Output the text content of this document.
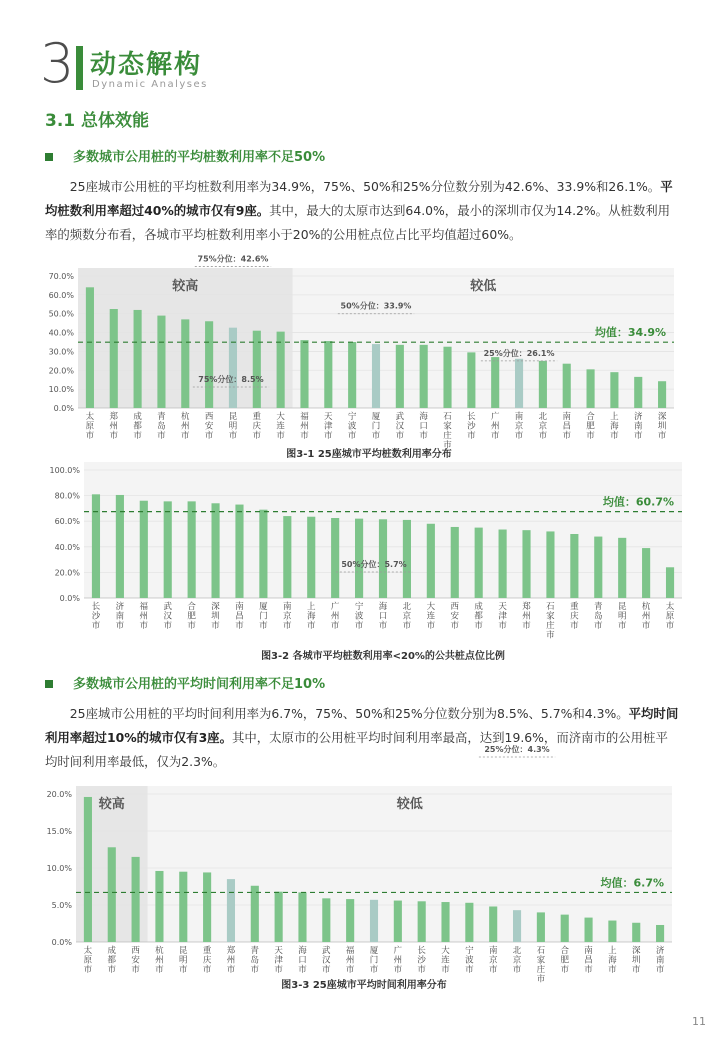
3 动态解构
Dynamic Analyses
3.1 总体效能
多数城市公用桩的平均桩数利用率不足50%

25座城市公用桩的平均桩数利用率为34.9%，75%、50%和25%分位数分别为42.6%、33.9%和26.1%。平均桩数利用率超过40%的城市仅有9座。其中，最大的太原市达到64.0%，最小的深圳市仅为14.2%。从桩数利用率的频数分布看，各城市平均桩数利用率小于20%的公用桩点位占比平均值超过60%。

较高	较低
0.0%
10.0%
20.0%
30.0%
40.0%
50.0%
60.0%
70.0%
太原市
郑州市
成都市
青岛市
杭州市
西安市
昆明市
重庆市
大连市
福州市
天津市
宁波市
厦门市
武汉市
海口市
石家庄市
长沙市
广州市
南京市
北京市
南昌市
合肥市
上海市
济南市
深圳市
75%分位：42.6%
50%分位：33.9%
25%分位：26.1%
均值：34.9%
图3-1 25座城市平均桩数利用率分布
0.0%
20.0%
40.0%
60.0%
80.0%
100.0%
长沙市
济南市
福州市
武汉市
合肥市
深圳市
南昌市
厦门市
南京市
上海市
广州市
宁波市
海口市
北京市
大连市
西安市
成都市
天津市
郑州市
石家庄市
重庆市
青岛市
昆明市
杭州市
太原市
均值：60.7%
图3-2 各城市平均桩数利用率<20%的公共桩点位比例
多数城市公用桩的平均时间利用率不足10%

25座城市公用桩的平均时间利用率为6.7%，75%、50%和25%分位数分别为8.5%、5.7%和4.3%。平均时间利用率超过10%的城市仅有3座。其中，太原市的公用桩平均时间利用率最高，达到19.6%，而济南市的公用桩平均时间利用率最低，仅为2.3%。

较高	较低
0.0%
5.0%
10.0%
15.0%
20.0%
太原市
成都市
西安市
杭州市
昆明市
重庆市
郑州市
青岛市
天津市
海口市
武汉市
福州市
厦门市
广州市
长沙市
大连市
宁波市
南京市
北京市
石家庄市
合肥市
南昌市
上海市
深圳市
济南市
75%分位：8.5%
50%分位：5.7%
25%分位：4.3%
均值：6.7%
图3-3 25座城市平均时间利用率分布
11
